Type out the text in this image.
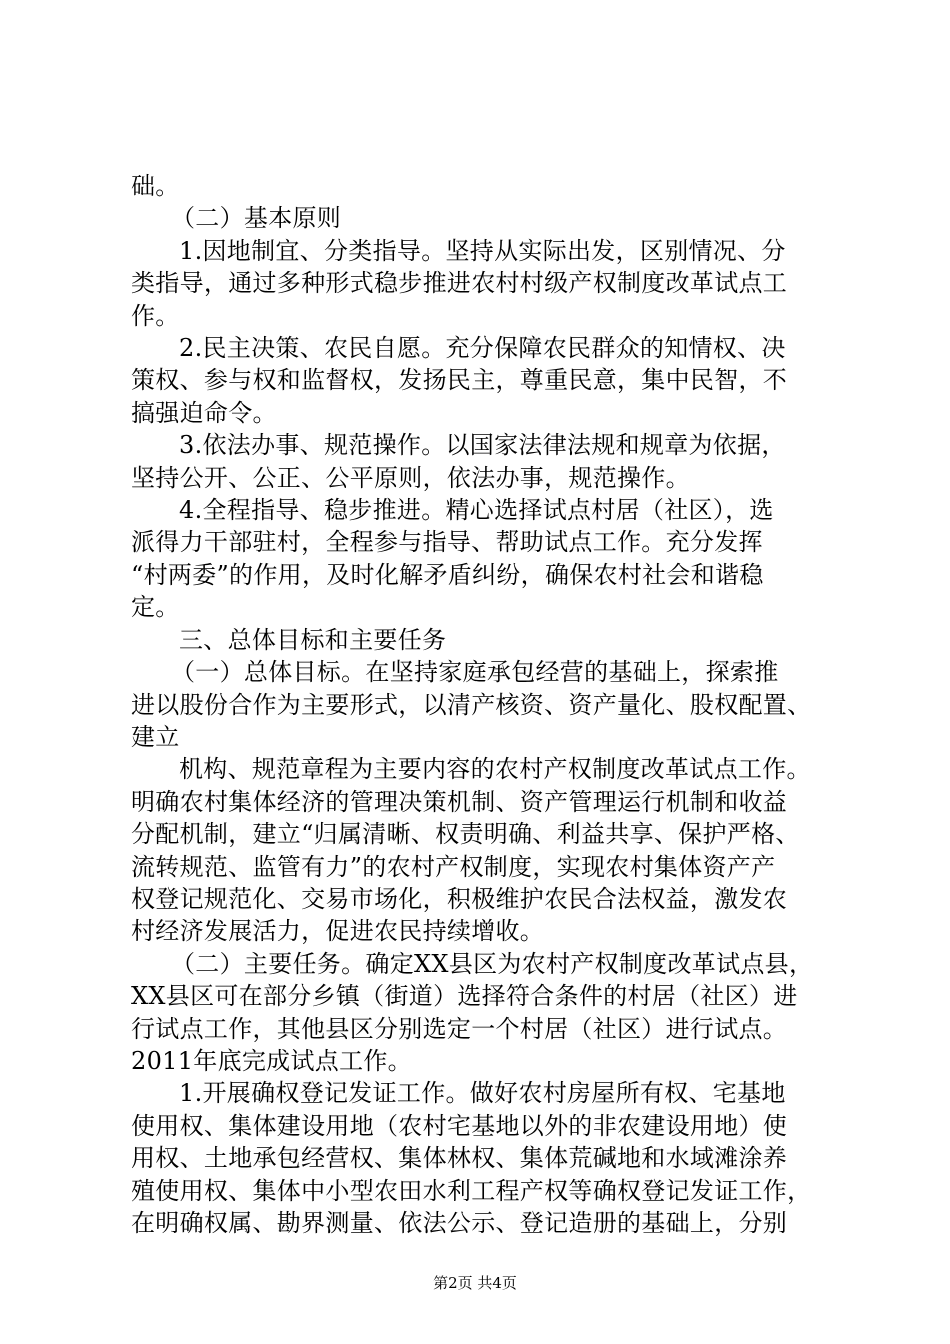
础。
（二）基本原则
1.因地制宜、分类指导。坚持从实际出发，区别情况、分
类指导，通过多种形式稳步推进农村村级产权制度改革试点工
作。
2.民主决策、农民自愿。充分保障农民群众的知情权、决
策权、参与权和监督权，发扬民主，尊重民意，集中民智，不
搞强迫命令。
3.依法办事、规范操作。以国家法律法规和规章为依据，
坚持公开、公正、公平原则，依法办事，规范操作。
4.全程指导、稳步推进。精心选择试点村居（社区），选
派得力干部驻村，全程参与指导、帮助试点工作。充分发挥
“村两委”的作用，及时化解矛盾纠纷，确保农村社会和谐稳
定。
三、总体目标和主要任务
（一）总体目标。在坚持家庭承包经营的基础上，探索推
进以股份合作为主要形式，以清产核资、资产量化、股权配置、
建立
机构、规范章程为主要内容的农村产权制度改革试点工作。
明确农村集体经济的管理决策机制、资产管理运行机制和收益
分配机制，建立“归属清晰、权责明确、利益共享、保护严格、
流转规范、监管有力”的农村产权制度，实现农村集体资产产
权登记规范化、交易市场化，积极维护农民合法权益，激发农
村经济发展活力，促进农民持续增收。
（二）主要任务。确定XX县区为农村产权制度改革试点县，
XX县区可在部分乡镇（街道）选择符合条件的村居（社区）进
行试点工作，其他县区分别选定一个村居（社区）进行试点。
2011年底完成试点工作。
1.开展确权登记发证工作。做好农村房屋所有权、宅基地
使用权、集体建设用地（农村宅基地以外的非农建设用地）使
用权、土地承包经营权、集体林权、集体荒碱地和水域滩涂养
殖使用权、集体中小型农田水利工程产权等确权登记发证工作，
在明确权属、勘界测量、依法公示、登记造册的基础上，分别
第2页 共4页
